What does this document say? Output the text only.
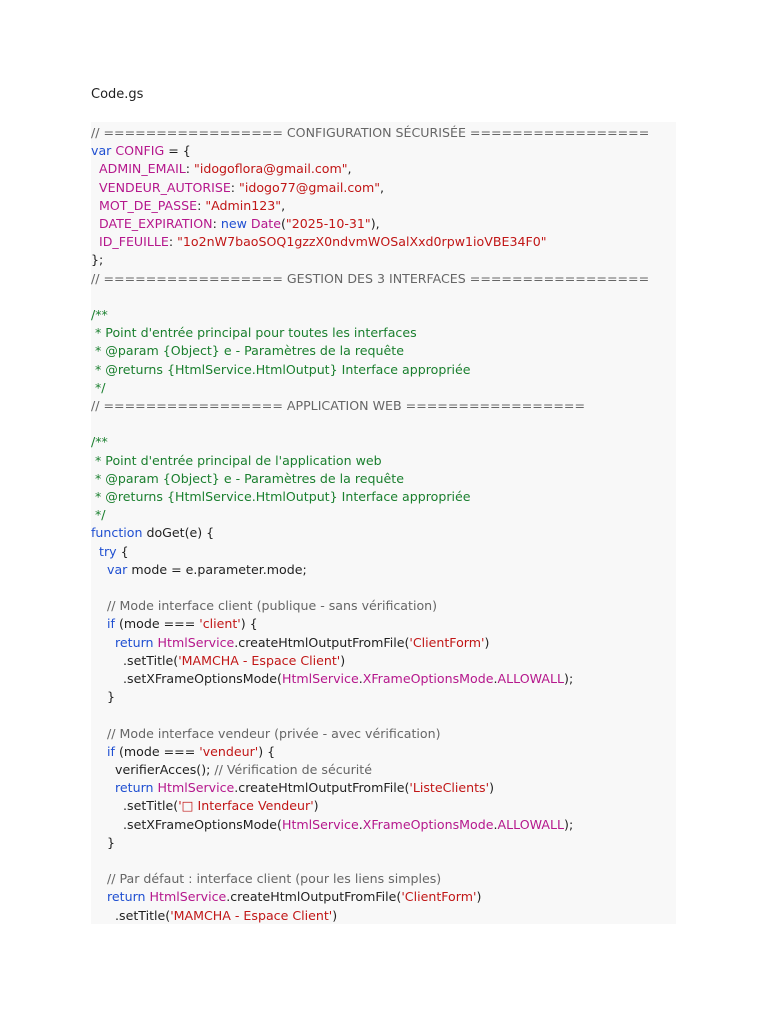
Code.gs
// ================= CONFIGURATION SÉCURISÉE =================
var CONFIG = {
ADMIN_EMAIL: "idogoflora@gmail.com",
VENDEUR_AUTORISE: "idogo77@gmail.com",
MOT_DE_PASSE: "Admin123",
DATE_EXPIRATION: new Date("2025-10-31"),
ID_FEUILLE: "1o2nW7baoSOQ1gzzX0ndvmWOSalXxd0rpw1ioVBE34F0"
};
// ================= GESTION DES 3 INTERFACES =================
/**
* Point d'entrée principal pour toutes les interfaces
* @param {Object} e - Paramètres de la requête
* @returns {HtmlService.HtmlOutput} Interface appropriée
*/
// ================= APPLICATION WEB =================
/**
* Point d'entrée principal de l'application web
* @param {Object} e - Paramètres de la requête
* @returns {HtmlService.HtmlOutput} Interface appropriée
*/
function doGet(e) {
try {
var mode = e.parameter.mode;
// Mode interface client (publique - sans vérification)
if (mode === 'client') {
return HtmlService.createHtmlOutputFromFile('ClientForm')
.setTitle('MAMCHA - Espace Client')
.setXFrameOptionsMode(HtmlService.XFrameOptionsMode.ALLOWALL);
}
// Mode interface vendeur (privée - avec vérification)
if (mode === 'vendeur') {
verifierAcces(); // Vérification de sécurité
return HtmlService.createHtmlOutputFromFile('ListeClients')
.setTitle('□ Interface Vendeur')
.setXFrameOptionsMode(HtmlService.XFrameOptionsMode.ALLOWALL);
}
// Par défaut : interface client (pour les liens simples)
return HtmlService.createHtmlOutputFromFile('ClientForm')
.setTitle('MAMCHA - Espace Client')
